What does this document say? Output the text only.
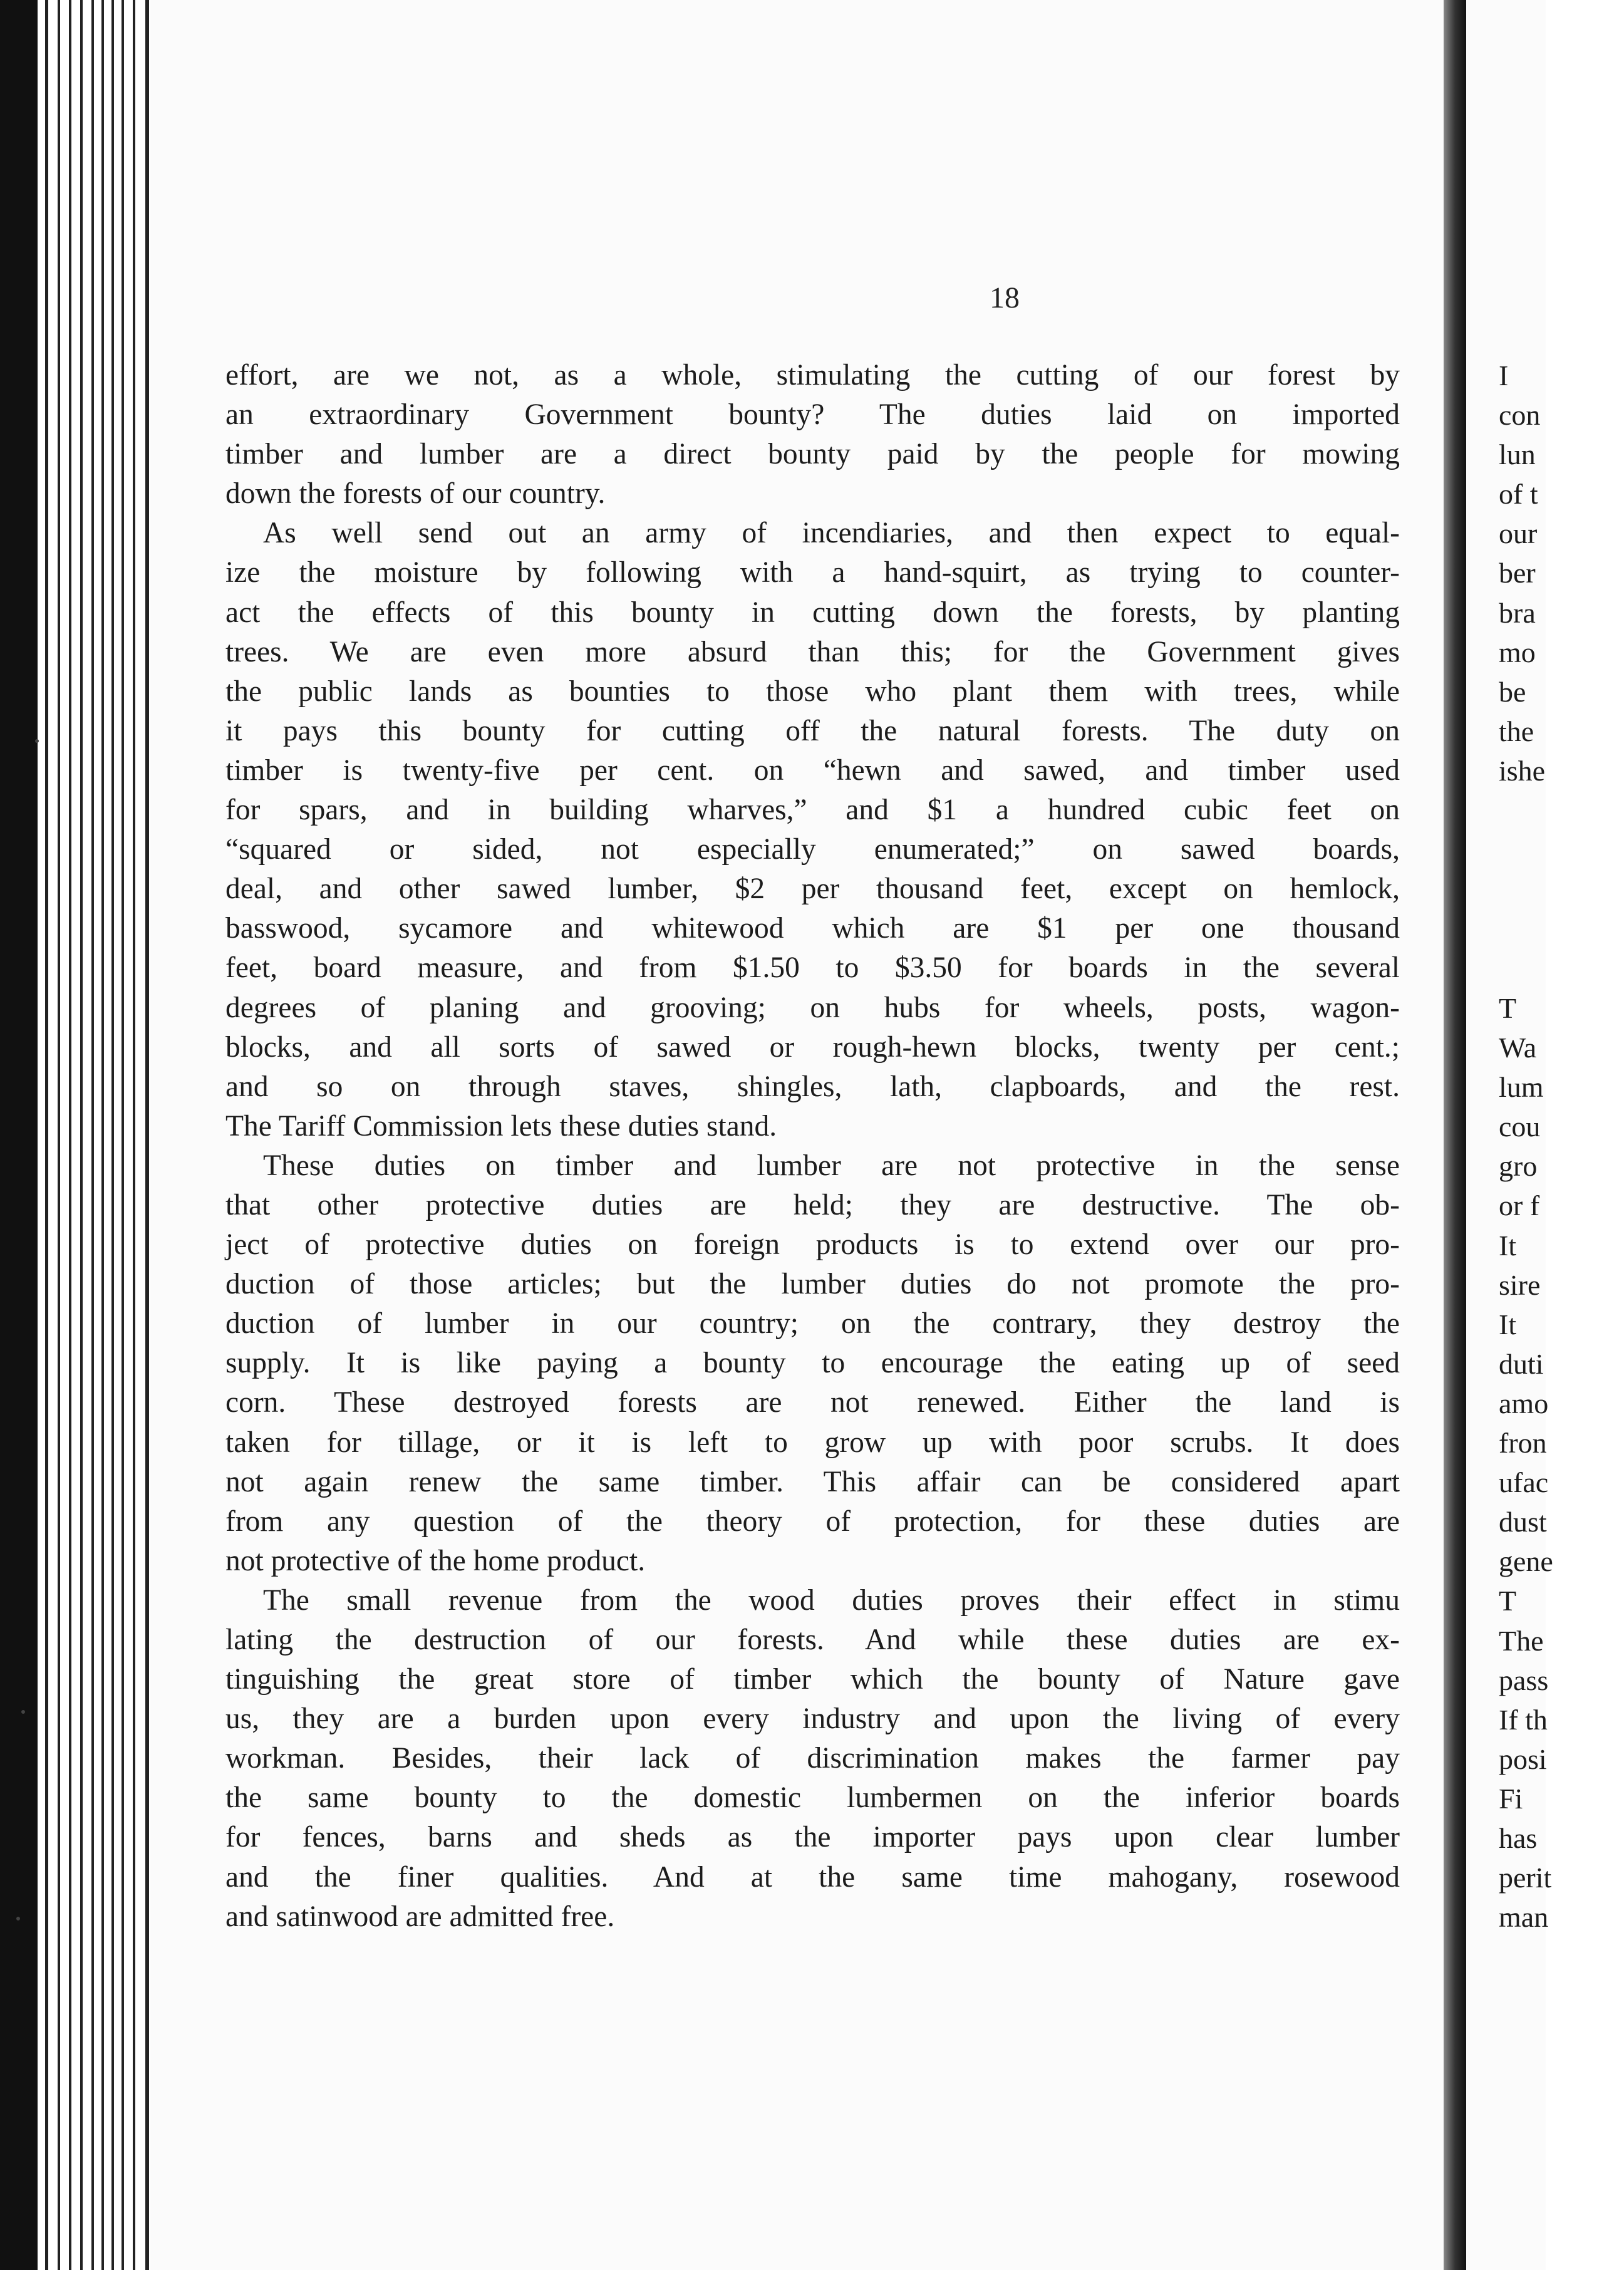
18
effort, are we not, as a whole, stimulating the cutting of our forest by
an extraordinary Government bounty? The duties laid on imported
timber and lumber are a direct bounty paid by the people for mowing
down the forests of our country.
As well send out an army of incendiaries, and then expect to equal-
ize the moisture by following with a hand-squirt, as trying to counter-
act the effects of this bounty in cutting down the forests, by planting
trees. We are even more absurd than this; for the Government gives
the public lands as bounties to those who plant them with trees, while
it pays this bounty for cutting off the natural forests. The duty on
timber is twenty-five per cent. on “hewn and sawed, and timber used
for spars, and in building wharves,” and $1 a hundred cubic feet on
“squared or sided, not especially enumerated;” on sawed boards,
deal, and other sawed lumber, $2 per thousand feet, except on hemlock,
basswood, sycamore and whitewood which are $1 per one thousand
feet, board measure, and from $1.50 to $3.50 for boards in the several
degrees of planing and grooving; on hubs for wheels, posts, wagon-
blocks, and all sorts of sawed or rough-hewn blocks, twenty per cent.;
and so on through staves, shingles, lath, clapboards, and the rest.
The Tariff Commission lets these duties stand.
These duties on timber and lumber are not protective in the sense
that other protective duties are held; they are destructive. The ob-
ject of protective duties on foreign products is to extend over our pro-
duction of those articles; but the lumber duties do not promote the pro-
duction of lumber in our country; on the contrary, they destroy the
supply. It is like paying a bounty to encourage the eating up of seed
corn. These destroyed forests are not renewed. Either the land is
taken for tillage, or it is left to grow up with poor scrubs. It does
not again renew the same timber. This affair can be considered apart
from any question of the theory of protection, for these duties are
not protective of the home product.
The small revenue from the wood duties proves their effect in stimu
lating the destruction of our forests. And while these duties are ex-
tinguishing the great store of timber which the bounty of Nature gave
us, they are a burden upon every industry and upon the living of every
workman. Besides, their lack of discrimination makes the farmer pay
the same bounty to the domestic lumbermen on the inferior boards
for fences, barns and sheds as the importer pays upon clear lumber
and the finer qualities. And at the same time mahogany, rosewood
and satinwood are admitted free.
I
con
lun
of t
our
ber
bra
mo
be
the
ishe
T
Wa
lum
cou
gro
or f
It
sire
It
duti
amo
fron
ufac
dust
gene
T
The
pass
If th
posi
Fi
has
perit
man
